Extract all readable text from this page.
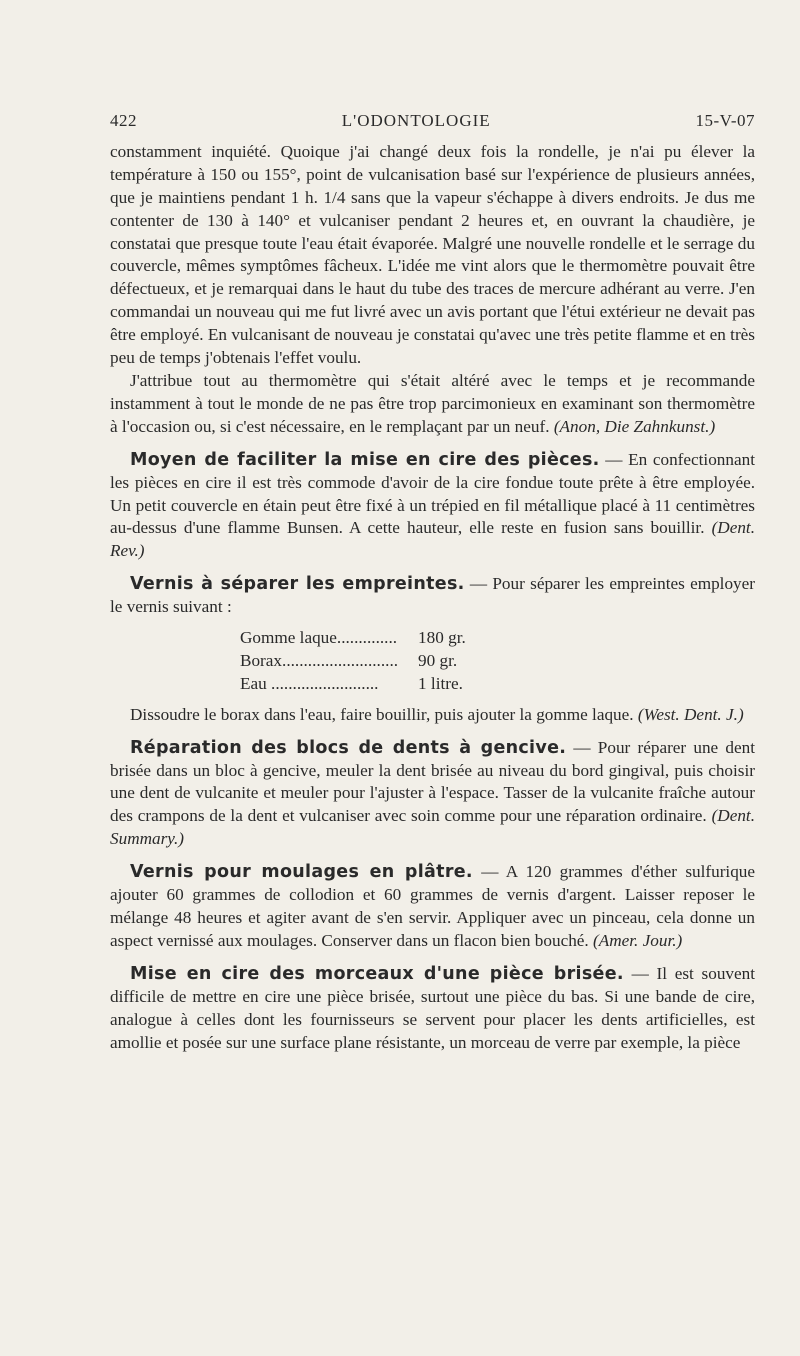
422	L'ODONTOLOGIE	15-V-07

constamment inquiété. Quoique j'ai changé deux fois la rondelle, je n'ai pu élever la température à 150 ou 155°, point de vulcanisation basé sur l'expérience de plusieurs années, que je maintiens pendant 1 h. 1/4 sans que la vapeur s'échappe à divers endroits. Je dus me contenter de 130 à 140° et vulcaniser pendant 2 heures et, en ouvrant la chaudière, je constatai que presque toute l'eau était évaporée. Malgré une nouvelle rondelle et le serrage du couvercle, mêmes symptômes fâcheux. L'idée me vint alors que le thermomètre pouvait être défectueux, et je remarquai dans le haut du tube des traces de mercure adhérant au verre. J'en commandai un nouveau qui me fut livré avec un avis portant que l'étui extérieur ne devait pas être employé. En vulcanisant de nouveau je constatai qu'avec une très petite flamme et en très peu de temps j'obtenais l'effet voulu.

J'attribue tout au thermomètre qui s'était altéré avec le temps et je recommande instamment à tout le monde de ne pas être trop parcimonieux en examinant son thermomètre à l'occasion ou, si c'est nécessaire, en le remplaçant par un neuf. (Anon, Die Zahnkunst.)

Moyen de faciliter la mise en cire des pièces. — En confectionnant les pièces en cire il est très commode d'avoir de la cire fondue toute prête à être employée. Un petit couvercle en étain peut être fixé à un trépied en fil métallique placé à 11 centimètres au-dessus d'une flamme Bunsen. A cette hauteur, elle reste en fusion sans bouillir. (Dent. Rev.)

Vernis à séparer les empreintes. — Pour séparer les empreintes employer le vernis suivant :

Gomme laque..............	180 gr.
Borax...........................	90 gr.
Eau .........................	1 litre.

Dissoudre le borax dans l'eau, faire bouillir, puis ajouter la gomme laque. (West. Dent. J.)

Réparation des blocs de dents à gencive. — Pour réparer une dent brisée dans un bloc à gencive, meuler la dent brisée au niveau du bord gingival, puis choisir une dent de vulcanite et meuler pour l'ajuster à l'espace. Tasser de la vulcanite fraîche autour des crampons de la dent et vulcaniser avec soin comme pour une réparation ordinaire. (Dent. Summary.)

Vernis pour moulages en plâtre. — A 120 grammes d'éther sulfurique ajouter 60 grammes de collodion et 60 grammes de vernis d'argent. Laisser reposer le mélange 48 heures et agiter avant de s'en servir. Appliquer avec un pinceau, cela donne un aspect vernissé aux moulages. Conserver dans un flacon bien bouché. (Amer. Jour.)

Mise en cire des morceaux d'une pièce brisée. — Il est souvent difficile de mettre en cire une pièce brisée, surtout une pièce du bas. Si une bande de cire, analogue à celles dont les fournisseurs se servent pour placer les dents artificielles, est amollie et posée sur une surface plane résistante, un morceau de verre par exemple, la pièce
